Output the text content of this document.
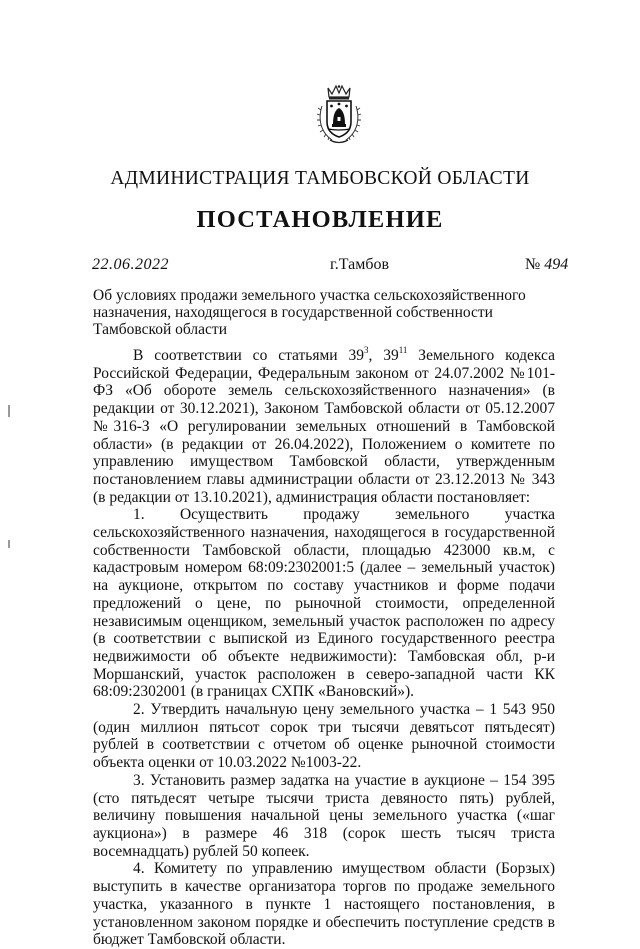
АДМИНИСТРАЦИЯ ТАМБОВСКОЙ ОБЛАСТИ
ПОСТАНОВЛЕНИЕ
22.06.2022	г.Тамбов	№ 494
Об условиях продажи земельного участка сельскохозяйственного назначения, находящегося в государственной собственности Тамбовской области

В соответствии со статьями $39^3$, $39^{11}$ Земельного кодекса Российской Федерации, Федеральным законом от 24.07.2002 №101-ФЗ «Об обороте земель сельскохозяйственного назначения» (в редакции от 30.12.2021), Законом Тамбовской области от 05.12.2007 №316-З «О регулировании земельных отношений в Тамбовской области» (в редакции от 26.04.2022), Положением о комитете по управлению имуществом Тамбовской области, утвержденным постановлением главы администрации области от 23.12.2013 № 343 (в редакции от 13.10.2021), администрация области постановляет:

1. Осуществить продажу земельного участка сельскохозяйственного назначения, находящегося в государственной собственности Тамбовской области, площадью 423000 кв.м, с кадастровым номером 68:09:2302001:5 (далее – земельный участок) на аукционе, открытом по составу участников и форме подачи предложений о цене, по рыночной стоимости, определенной независимым оценщиком, земельный участок расположен по адресу (в соответствии с выпиской из Единого государственного реестра недвижимости об объекте недвижимости): Тамбовская обл, р-и Моршанский, участок расположен в северо-западной части КК 68:09:2302001 (в границах СХПК «Вановский»).

2. Утвердить начальную цену земельного участка – 1 543 950 (один миллион пятьсот сорок три тысячи девятьсот пятьдесят) рублей в соответствии с отчетом об оценке рыночной стоимости объекта оценки от 10.03.2022 №1003-22.

3. Установить размер задатка на участие в аукционе – 154 395 (сто пятьдесят четыре тысячи триста девяносто пять) рублей, величину повышения начальной цены земельного участка («шаг аукциона») в размере 46 318 (сорок шесть тысяч триста восемнадцать) рублей 50 копеек.

4. Комитету по управлению имуществом области (Борзых) выступить в качестве организатора торгов по продаже земельного участка, указанного в пункте 1 настоящего постановления, в установленном законом порядке и обеспечить поступление средств в бюджет Тамбовской области.
